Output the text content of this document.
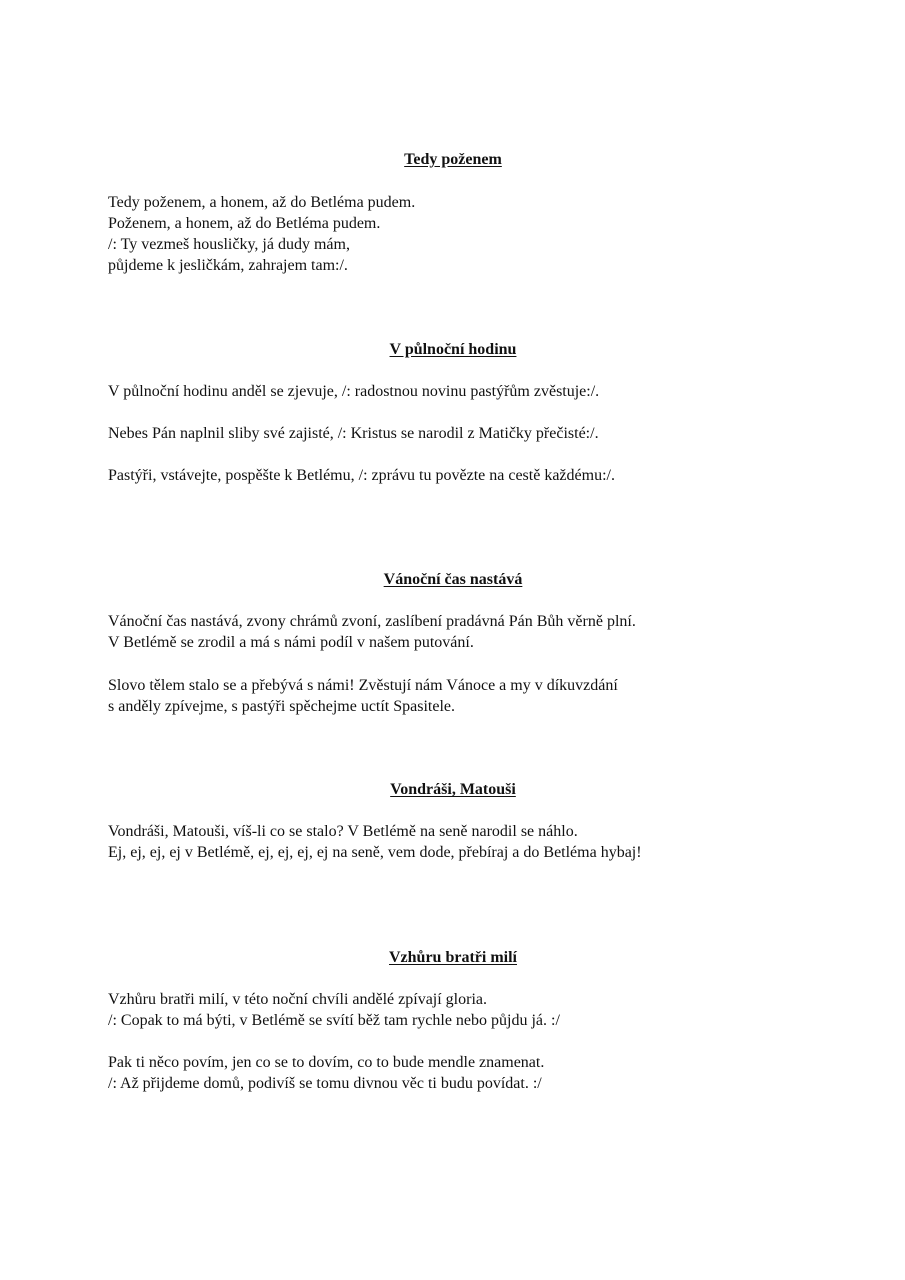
Tedy poženem
Tedy poženem, a honem, až do Betléma pudem.
Poženem, a honem, až do Betléma pudem.
/: Ty vezmeš housličky, já dudy mám,
půjdeme k jesličkám, zahrajem tam:/.
V půlnoční hodinu
V půlnoční hodinu anděl se zjevuje, /: radostnou novinu pastýřům zvěstuje:/.
Nebes Pán naplnil sliby své zajisté, /: Kristus se narodil z Matičky přečisté:/.
Pastýři, vstávejte, pospěšte k Betlému, /: zprávu tu povězte na cestě každému:/.
Vánoční čas nastává
Vánoční čas nastává, zvony chrámů zvoní, zaslíbení pradávná Pán Bůh věrně plní.
V Betlémě se zrodil a má s námi podíl v našem putování.
Slovo tělem stalo se a přebývá s námi! Zvěstují nám Vánoce a my v díkuvzdání
s anděly zpívejme, s pastýři spěchejme uctít Spasitele.
Vondráši, Matouši
Vondráši, Matouši, víš-li co se stalo? V Betlémě na seně narodil se náhlo.
Ej, ej, ej, ej v Betlémě, ej, ej, ej, ej na seně, vem dode, přebíraj a do Betléma hybaj!
Vzhůru bratři milí
Vzhůru bratři milí, v této noční chvíli andělé zpívají gloria.
/: Copak to má býti, v Betlémě se svítí běž tam rychle nebo půjdu já. :/
Pak ti něco povím, jen co se to dovím, co to bude mendle znamenat.
/: Až přijdeme domů, podivíš se tomu divnou věc ti budu povídat. :/
